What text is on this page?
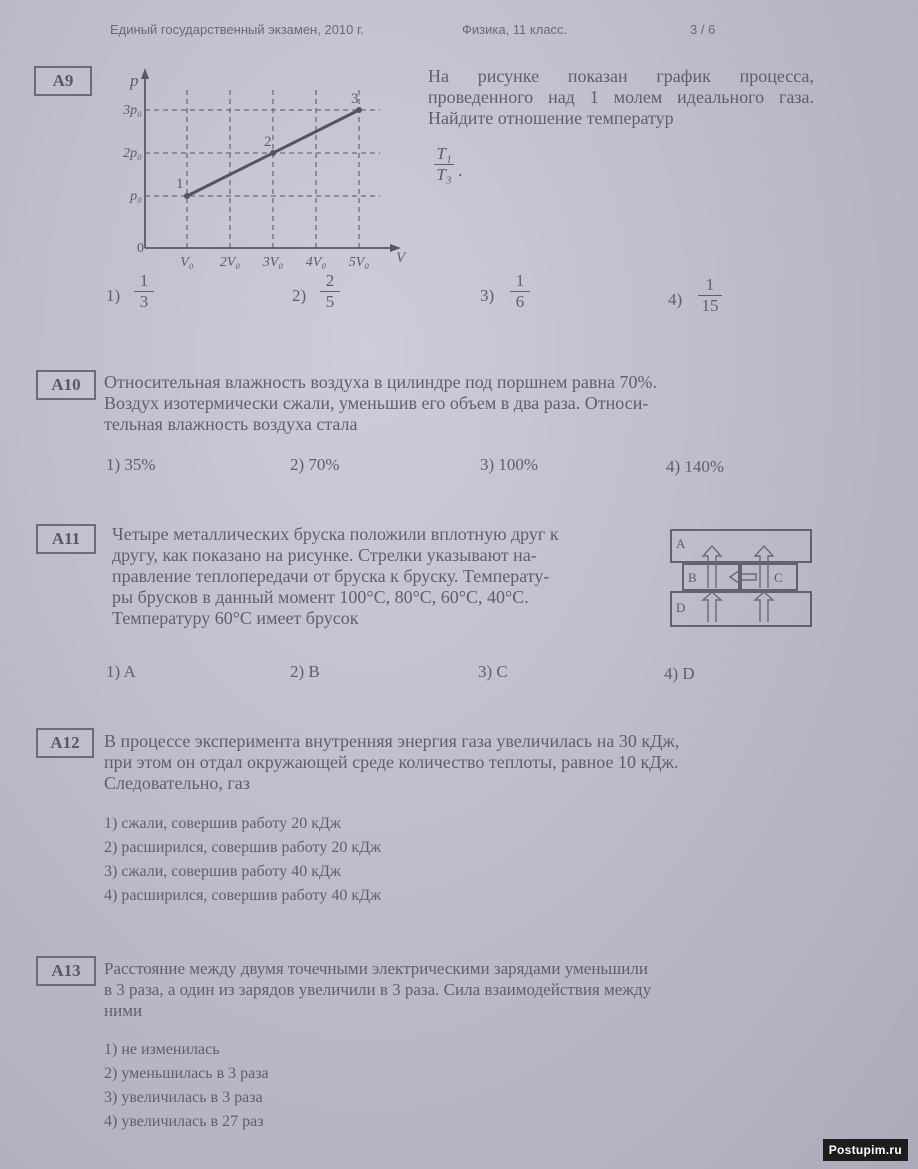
Единый государственный экзамен, 2010 г.	Физика, 11 класс.	3 / 6
A9	p
V
0
p₀
2p₀
3p₀
V₀ 2V₀ 3V₀ 4V₀ 5V₀
1
2
3
На рисунке показан график процесса, проведенного над 1 молем идеального газа. Найдите отношение температур
T₁
T₃ .
1)
1
3	2)
2
5	3)
1
6	4)
1
15
A10	Относительная влажность воздуха в цилиндре под поршнем равна 70%.
Воздух изотермически сжали, уменьшив его объем в два раза. Относи-
тельная влажность воздуха стала
1) 35%	2) 70%	3) 100%	4) 140%
A11	Четыре металлических бруска положили вплотную друг к
другу, как показано на рисунке. Стрелки указывают на-
правление теплопередачи от бруска к бруску. Температу-
ры брусков в данный момент 100°С, 80°С, 60°С, 40°С.
Температуру 60°С имеет брусок
A
B	C
D
1) A	2) B	3) C	4) D
A12	В процессе эксперимента внутренняя энергия газа увеличилась на 30 кДж,
при этом он отдал окружающей среде количество теплоты, равное 10 кДж.
Следовательно, газ
1) сжали, совершив работу 20 кДж
2) расширился, совершив работу 20 кДж
3) сжали, совершив работу 40 кДж
4) расширился, совершив работу 40 кДж
A13	Расстояние между двумя точечными электрическими зарядами уменьшили
в 3 раза, а один из зарядов увеличили в 3 раза. Сила взаимодействия между
ними
1) не изменилась
2) уменьшилась в 3 раза
3) увеличилась в 3 раза
4) увеличилась в 27 раз
Postupim.ru
